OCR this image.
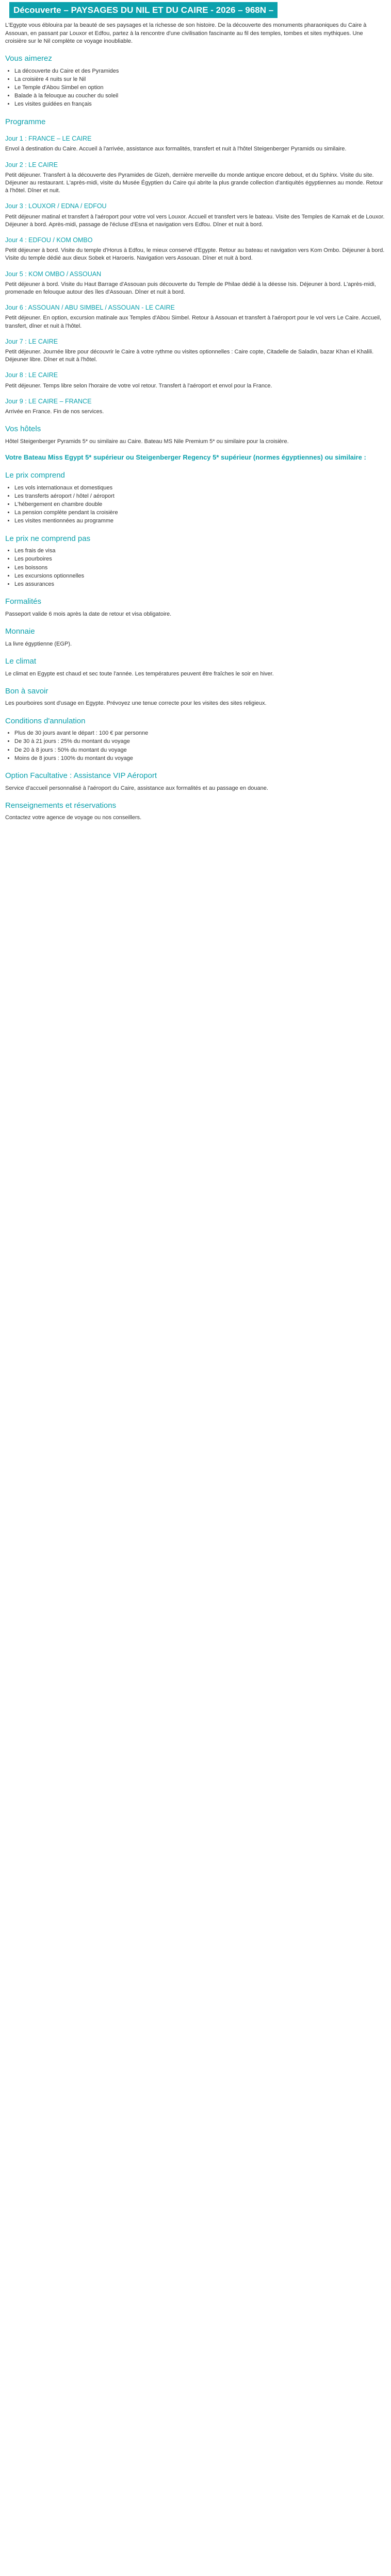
Découverte – PAYSAGES DU NIL ET DU CAIRE - 2026 – 968N –

L'Egypte vous éblouira par la beauté de ses paysages et la richesse de son histoire. De la découverte des monuments pharaoniques du Caire à Assouan, en passant par Louxor et Edfou, partez à la rencontre d'une civilisation fascinante au fil des temples, tombes et sites mythiques. Une croisière sur le Nil complète ce voyage inoubliable.

Vous aimerez
• La découverte du Caire et des Pyramides
• La croisière 4 nuits sur le Nil
• Le Temple d'Abou Simbel en option
• Balade à la felouque au coucher du soleil
• Les visites guidées en français
Programme
Jour 1 : FRANCE – LE CAIRE

Envol à destination du Caire. Accueil à l'arrivée, assistance aux formalités, transfert et nuit à l'hôtel Steigenberger Pyramids ou similaire.

Jour 2 : LE CAIRE

Petit déjeuner. Transfert à la découverte des Pyramides de Gizeh, dernière merveille du monde antique encore debout, et du Sphinx. Visite du site. Déjeuner au restaurant. L'après-midi, visite du Musée Égyptien du Caire qui abrite la plus grande collection d'antiquités égyptiennes au monde. Retour à l'hôtel. Dîner et nuit.

Jour 3 : LOUXOR / EDNA / EDFOU

Petit déjeuner matinal et transfert à l'aéroport pour votre vol vers Louxor. Accueil et transfert vers le bateau. Visite des Temples de Karnak et de Louxor. Déjeuner à bord. Après-midi, passage de l'écluse d'Esna et navigation vers Edfou. Dîner et nuit à bord.

Jour 4 : EDFOU / KOM OMBO

Petit déjeuner à bord. Visite du temple d'Horus à Edfou, le mieux conservé d'Egypte. Retour au bateau et navigation vers Kom Ombo. Déjeuner à bord. Visite du temple dédié aux dieux Sobek et Haroeris. Navigation vers Assouan. Dîner et nuit à bord.

Jour 5 : KOM OMBO / ASSOUAN

Petit déjeuner à bord. Visite du Haut Barrage d'Assouan puis découverte du Temple de Philae dédié à la déesse Isis. Déjeuner à bord. L'après-midi, promenade en felouque autour des îles d'Assouan. Dîner et nuit à bord.

Jour 6 : ASSOUAN / ABU SIMBEL / ASSOUAN - LE CAIRE

Petit déjeuner. En option, excursion matinale aux Temples d'Abou Simbel. Retour à Assouan et transfert à l'aéroport pour le vol vers Le Caire. Accueil, transfert, dîner et nuit à l'hôtel.

Jour 7 : LE CAIRE

Petit déjeuner. Journée libre pour découvrir le Caire à votre rythme ou visites optionnelles : Caire copte, Citadelle de Saladin, bazar Khan el Khalili. Déjeuner libre. Dîner et nuit à l'hôtel.

Jour 8 : LE CAIRE

Petit déjeuner. Temps libre selon l'horaire de votre vol retour. Transfert à l'aéroport et envol pour la France.

Jour 9 : LE CAIRE – FRANCE

Arrivée en France. Fin de nos services.

Vos hôtels

Hôtel Steigenberger Pyramids 5* ou similaire au Caire. Bateau MS Nile Premium 5* ou similaire pour la croisière.

Votre Bateau Miss Egypt 5* supérieur ou Steigenberger Regency 5* supérieur (normes égyptiennes) ou similaire :
Le prix comprend
• Les vols internationaux et domestiques
• Les transferts aéroport / hôtel / aéroport
• L'hébergement en chambre double
• La pension complète pendant la croisière
• Les visites mentionnées au programme
Le prix ne comprend pas
• Les frais de visa
• Les pourboires
• Les boissons
• Les excursions optionnelles
• Les assurances
Formalités

Passeport valide 6 mois après la date de retour et visa obligatoire.

Monnaie

La livre égyptienne (EGP).

Le climat

Le climat en Egypte est chaud et sec toute l'année. Les températures peuvent être fraîches le soir en hiver.

Bon à savoir

Les pourboires sont d'usage en Egypte. Prévoyez une tenue correcte pour les visites des sites religieux.

Conditions d'annulation
• Plus de 30 jours avant le départ : 100 € par personne
• De 30 à 21 jours : 25% du montant du voyage
• De 20 à 8 jours : 50% du montant du voyage
• Moins de 8 jours : 100% du montant du voyage
Option Facultative : Assistance VIP Aéroport

Service d'accueil personnalisé à l'aéroport du Caire, assistance aux formalités et au passage en douane.

Renseignements et réservations

Contactez votre agence de voyage ou nos conseillers.
